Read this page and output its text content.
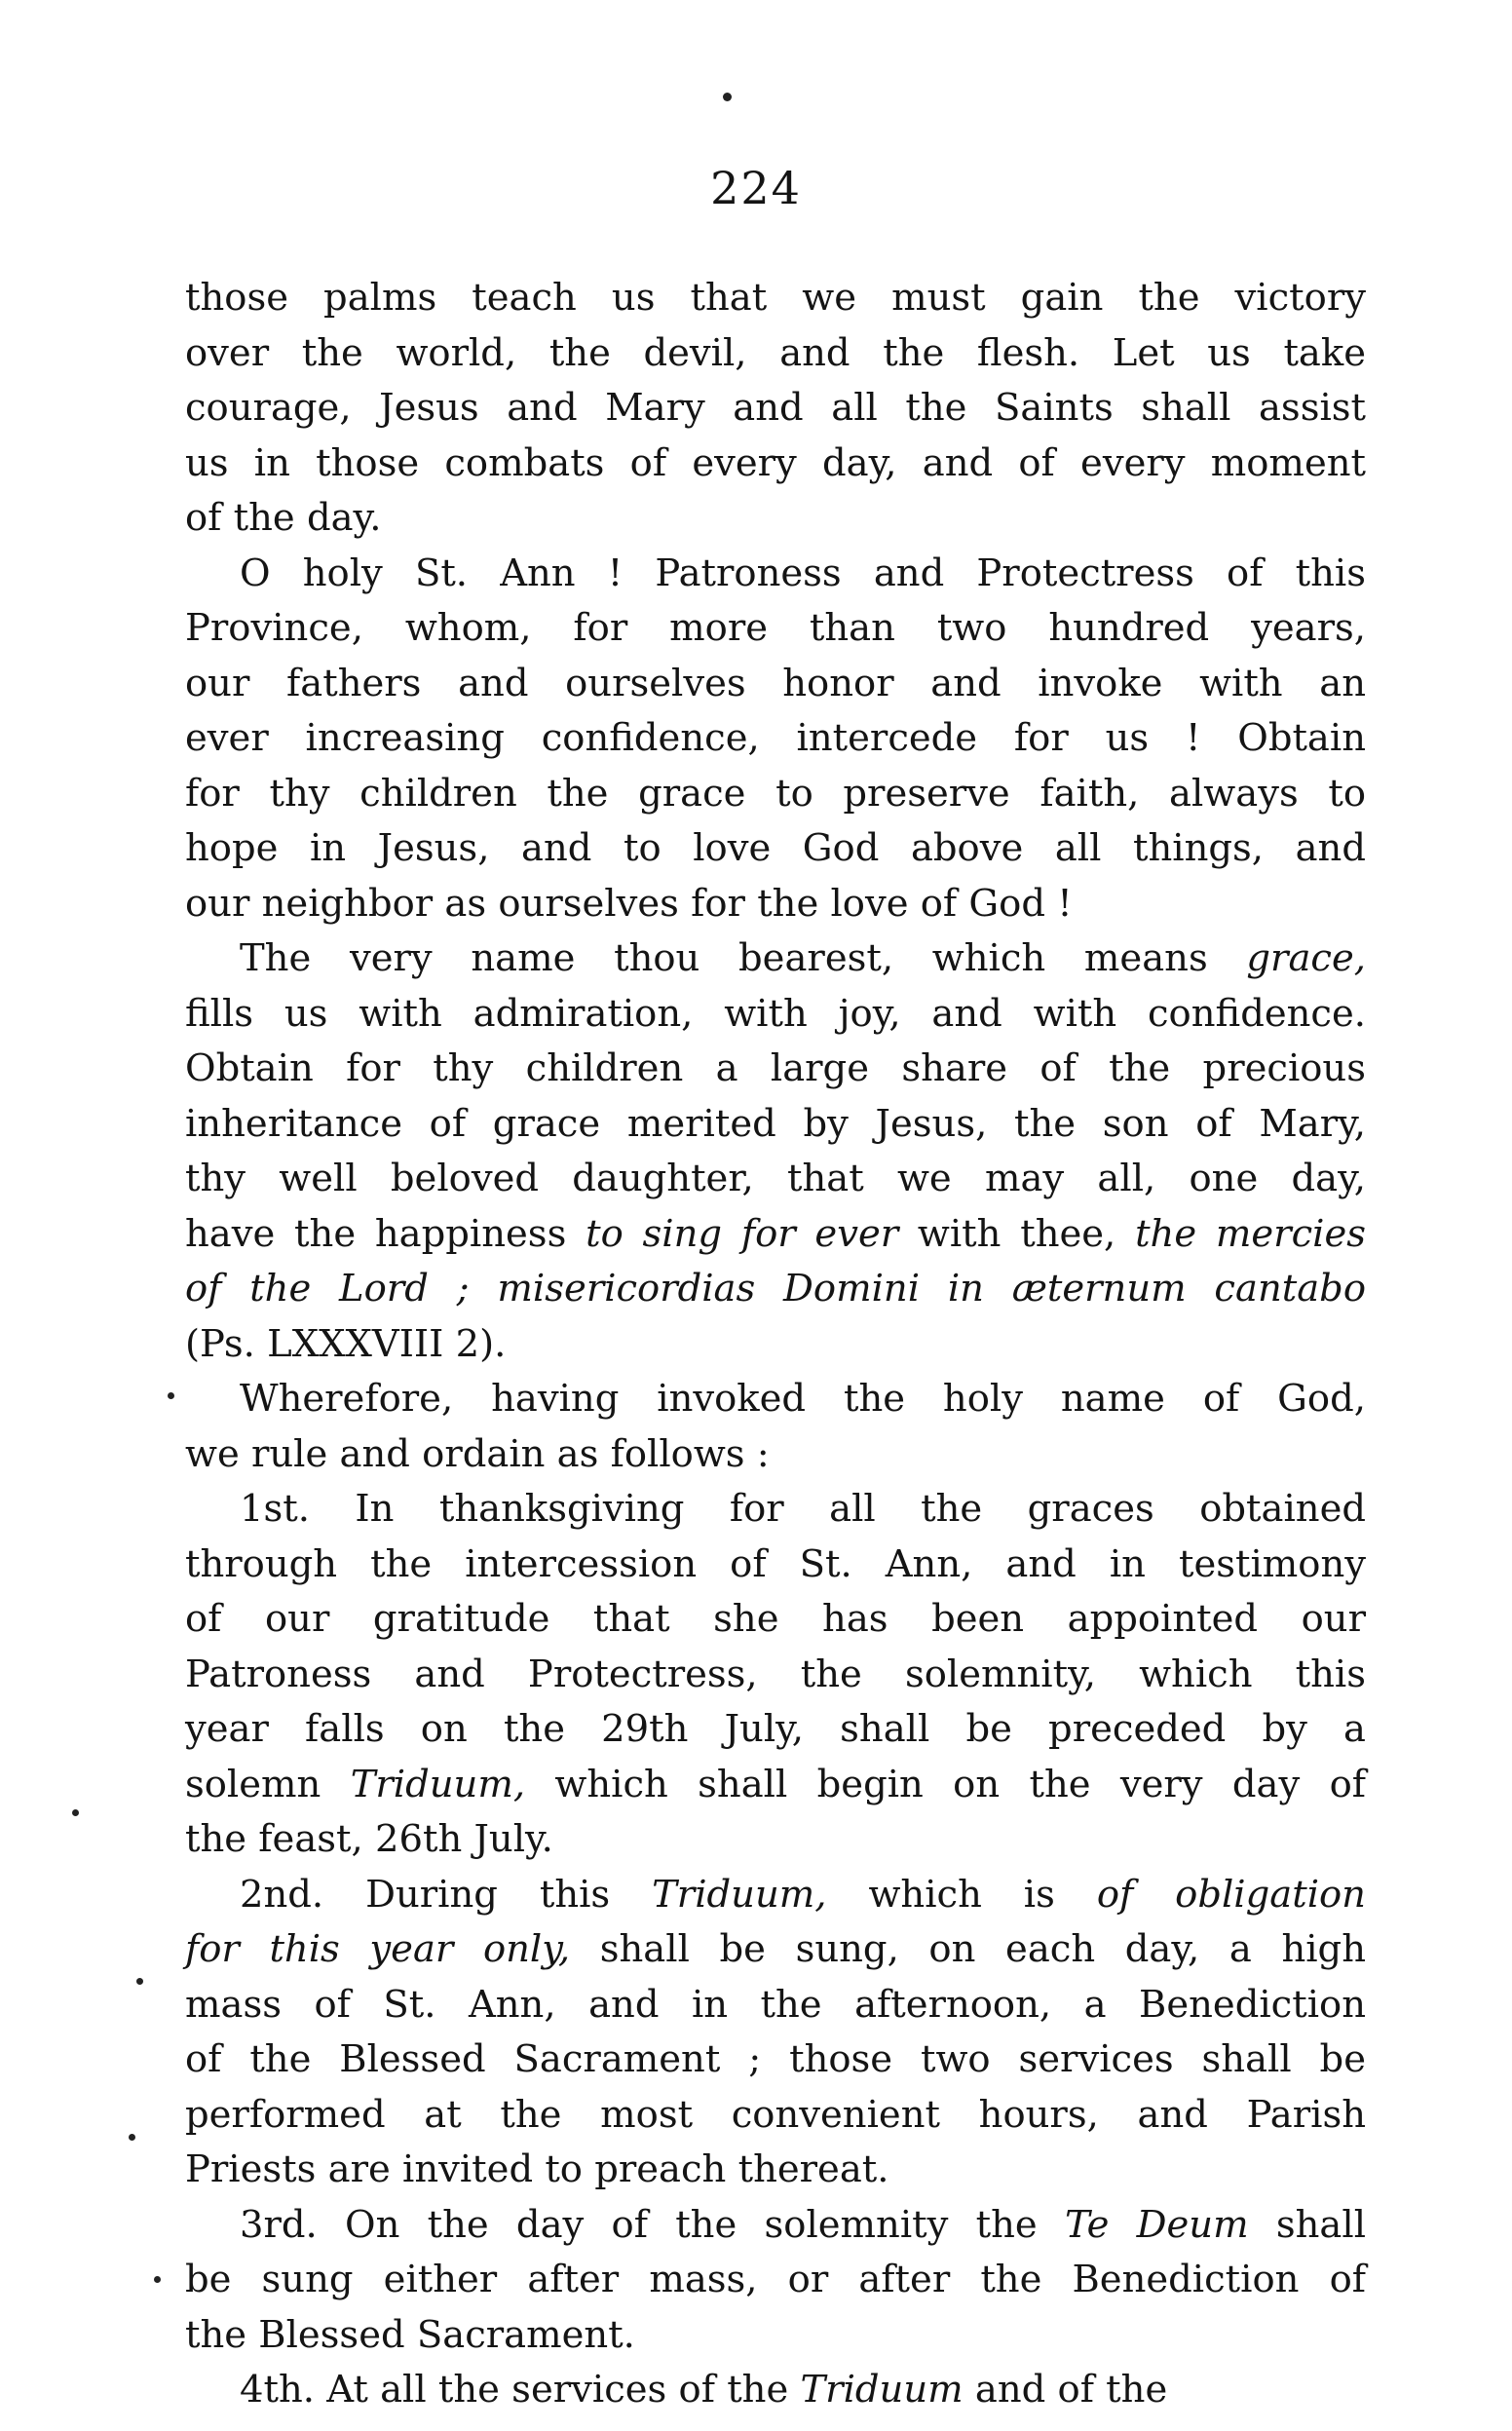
224
those palms teach us that we must gain the victory
over the world, the devil, and the flesh. Let us take
courage, Jesus and Mary and all the Saints shall assist
us in those combats of every day, and of every moment
of the day.
O holy St. Ann ! Patroness and Protectress of this
Province, whom, for more than two hundred years,
our fathers and ourselves honor and invoke with an
ever increasing confidence, intercede for us ! Obtain
for thy children the grace to preserve faith, always to
hope in Jesus, and to love God above all things, and
our neighbor as ourselves for the love of God !
The very name thou bearest, which means grace,
fills us with admiration, with joy, and with confidence.
Obtain for thy children a large share of the precious
inheritance of grace merited by Jesus, the son of Mary,
thy well beloved daughter, that we may all, one day,
have the happiness to sing for ever with thee, the mercies
of the Lord ; misericordias Domini in æternum cantabo
(Ps. LXXXVIII 2).
Wherefore, having invoked the holy name of God,
we rule and ordain as follows :
1st. In thanksgiving for all the graces obtained
through the intercession of St. Ann, and in testimony
of our gratitude that she has been appointed our
Patroness and Protectress, the solemnity, which this
year falls on the 29th July, shall be preceded by a
solemn Triduum, which shall begin on the very day of
the feast, 26th July.
2nd. During this Triduum, which is of obligation
for this year only, shall be sung, on each day, a high
mass of St. Ann, and in the afternoon, a Benediction
of the Blessed Sacrament ; those two services shall be
performed at the most convenient hours, and Parish
Priests are invited to preach thereat.
3rd. On the day of the solemnity the Te Deum shall
be sung either after mass, or after the Benediction of
the Blessed Sacrament.
4th. At all the services of the Triduum and of the
